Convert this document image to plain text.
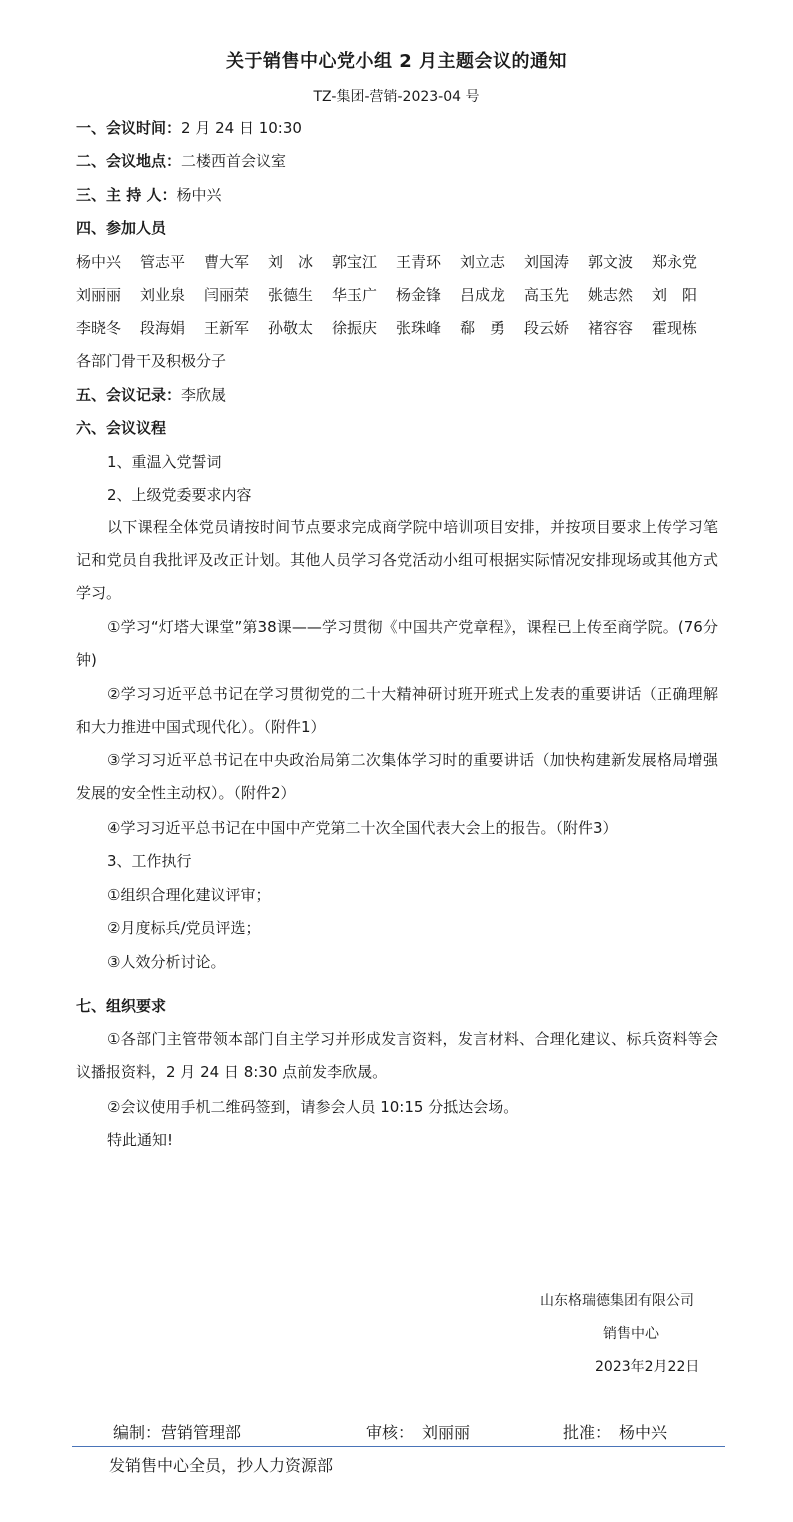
关于销售中心党小组 2 月主题会议的通知
TZ-集团-营销-2023-04 号
一、会议时间：2 月 24 日 10:30
二、会议地点：二楼西首会议室
三、主 持 人：杨中兴
四、参加人员
杨中兴	管志平	曹大军	刘　冰	郭宝江	王青环	刘立志	刘国涛	郭文波	郑永党
刘丽丽	刘业泉	闫丽荣	张德生	华玉广	杨金锋	吕成龙	高玉先	姚志然	刘　阳
李晓冬	段海娟	王新军	孙敬太	徐振庆	张珠峰	郗　勇	段云娇	褚容容	霍现栋
各部门骨干及积极分子
五、会议记录：李欣晟
六、会议议程
1、重温入党誓词
2、上级党委要求内容
以下课程全体党员请按时间节点要求完成商学院中培训项目安排，并按项目要求上传学习笔记和党员自我批评及改正计划。其他人员学习各党活动小组可根据实际情况安排现场或其他方式学习。
①学习“灯塔大课堂”第38课——学习贯彻《中国共产党章程》，课程已上传至商学院。(76分钟)
②学习习近平总书记在学习贯彻党的二十大精神研讨班开班式上发表的重要讲话（正确理解和大力推进中国式现代化）。（附件1）
③学习习近平总书记在中央政治局第二次集体学习时的重要讲话（加快构建新发展格局增强发展的安全性主动权）。（附件2）
④学习习近平总书记在中国中产党第二十次全国代表大会上的报告。（附件3）
3、工作执行
①组织合理化建议评审；
②月度标兵/党员评选；
③人效分析讨论。
七、组织要求
①各部门主管带领本部门自主学习并形成发言资料，发言材料、合理化建议、标兵资料等会议播报资料，2 月 24 日 8:30 点前发李欣晟。
②会议使用手机二维码签到，请参会人员 10:15 分抵达会场。
特此通知!
山东格瑞德集团有限公司
销售中心
2023年2月22日
编制：营销管理部	审核：　刘丽丽	批准：　杨中兴
发销售中心全员，抄人力资源部
